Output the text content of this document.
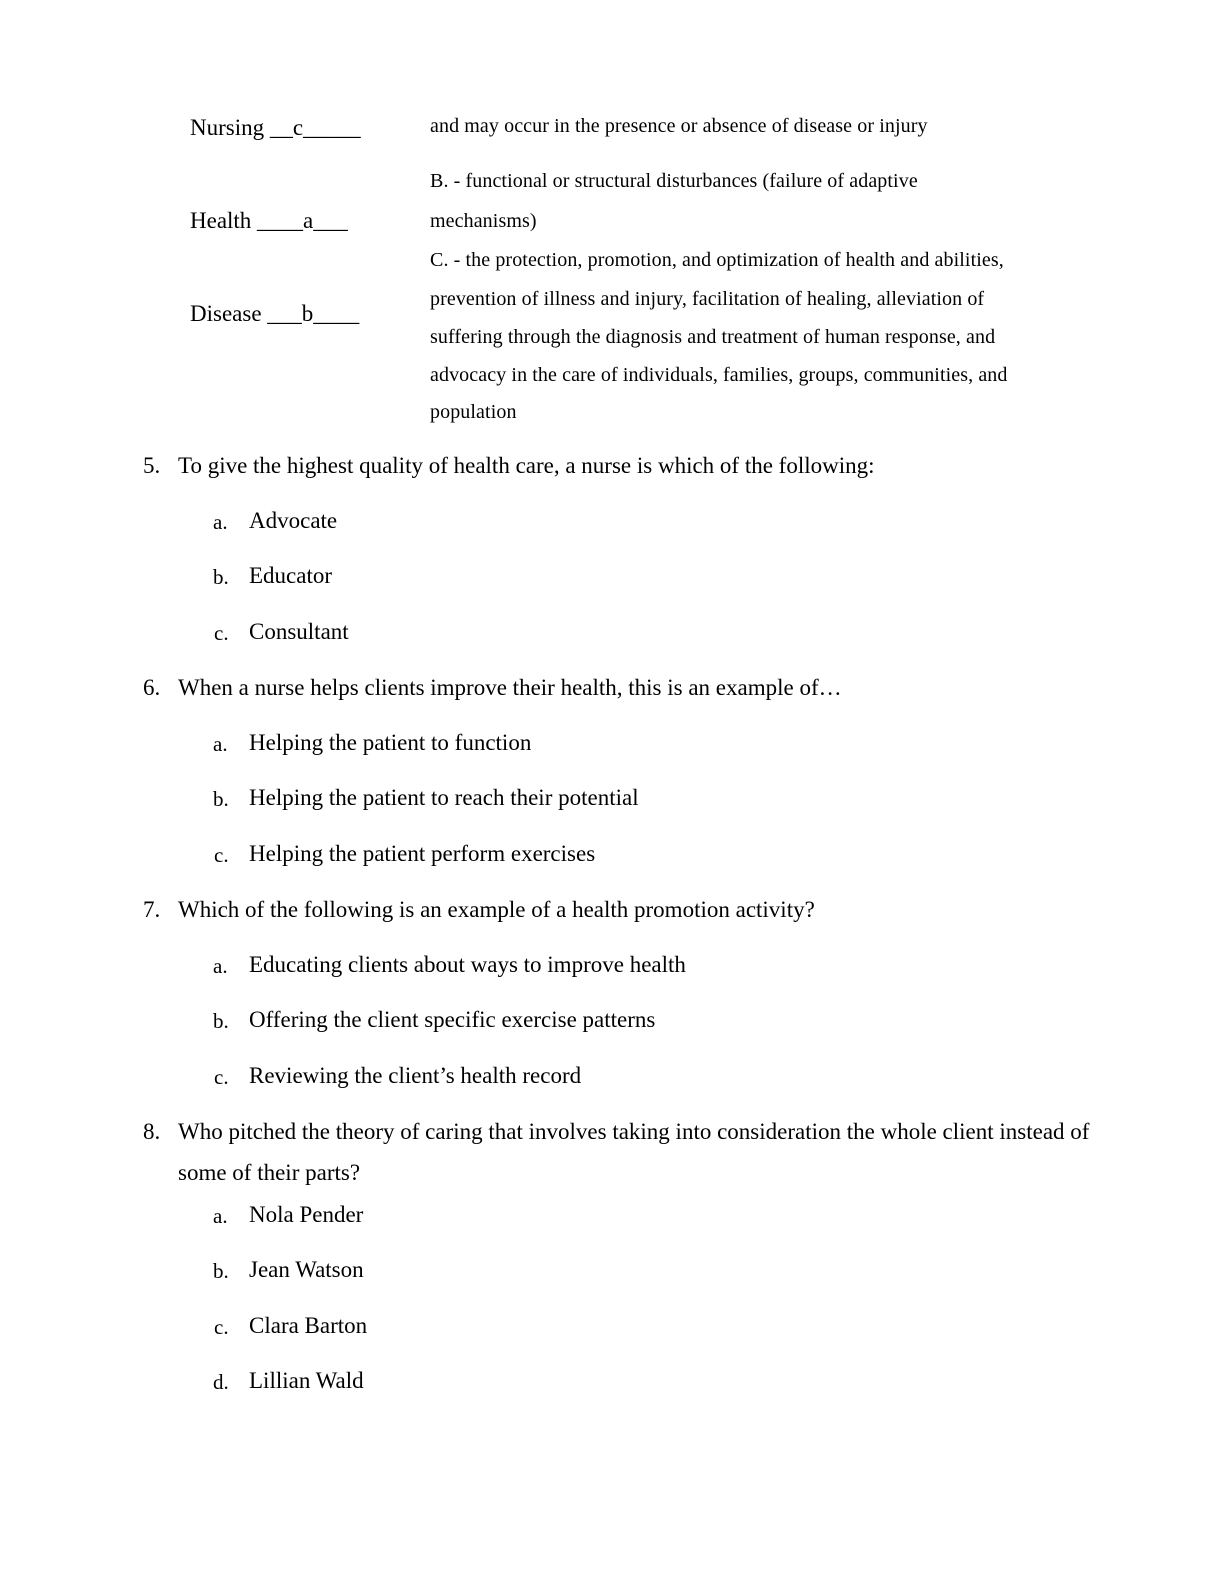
Nursing __c_____
Health ____a___
Disease ___b____
and may occur in the presence or absence of disease or injury
B. - functional or structural disturbances (failure of adaptive
mechanisms)
C. - the protection, promotion, and optimization of health and abilities,
prevention of illness and injury, facilitation of healing, alleviation of
suffering through the diagnosis and treatment of human response, and
advocacy in the care of individuals, families, groups, communities, and
population
5. To give the highest quality of health care, a nurse is which of the following:
a. Advocate
b. Educator
c. Consultant
6. When a nurse helps clients improve their health, this is an example of…
a. Helping the patient to function
b. Helping the patient to reach their potential
c. Helping the patient perform exercises
7. Which of the following is an example of a health promotion activity?
a. Educating clients about ways to improve health
b. Offering the client specific exercise patterns
c. Reviewing the client’s health record
8. Who pitched the theory of caring that involves taking into consideration the whole client instead of
some of their parts?
a. Nola Pender
b. Jean Watson
c. Clara Barton
d. Lillian Wald
